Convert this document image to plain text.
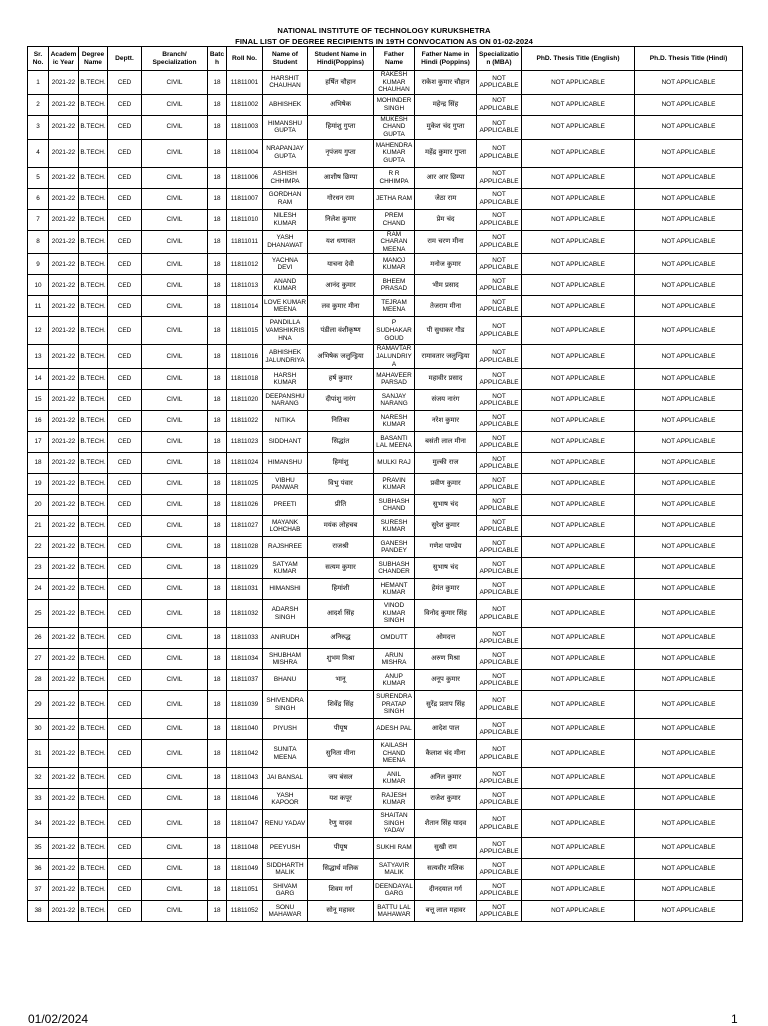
NATIONAL INSTITUTE OF TECHNOLOGY KURUKSHETRA
FINAL LIST OF DEGREE RECIPIENTS IN 19TH CONVOCATION AS ON 01-02-2024
Sr. No.	Academic Year	Degree Name	Deptt.	Branch/ Specialization	Batch	Roll No.	Name of Student	Student Name in Hindi(Poppins)	Father Name	Father Name in Hindi (Poppins)	Specialization (MBA)	PhD. Thesis Title (English)	Ph.D. Thesis Title (Hindi)
1	2021-22	B.TECH.	CED	CIVIL	18	11811001	HARSHIT CHAUHAN	हर्षित चौहान	RAKESH KUMAR CHAUHAN	राकेश कुमार चौहान	NOT APPLICABLE	NOT APPLICABLE	NOT APPLICABLE
2	2021-22	B.TECH.	CED	CIVIL	18	11811002	ABHISHEK	अभिषेक	MOHINDER SINGH	महेन्द्र सिंह	NOT APPLICABLE	NOT APPLICABLE	NOT APPLICABLE
3	2021-22	B.TECH.	CED	CIVIL	18	11811003	HIMANSHU GUPTA	हिमांशु गुप्ता	MUKESH CHAND GUPTA	मुकेश चंद गुप्ता	NOT APPLICABLE	NOT APPLICABLE	NOT APPLICABLE
4	2021-22	B.TECH.	CED	CIVIL	18	11811004	NRAPANJAY GUPTA	नृपंजय गुप्ता	MAHENDRA KUMAR GUPTA	महेंद्र कुमार गुप्ता	NOT APPLICABLE	NOT APPLICABLE	NOT APPLICABLE
5	2021-22	B.TECH.	CED	CIVIL	18	11811006	ASHISH CHHIMPA	आशीष छिम्पा	R R CHHIMPA	आर आर छिम्पा	NOT APPLICABLE	NOT APPLICABLE	NOT APPLICABLE
6	2021-22	B.TECH.	CED	CIVIL	18	11811007	GORDHAN RAM	गोरधन राम	JETHA RAM	जेठा राम	NOT APPLICABLE	NOT APPLICABLE	NOT APPLICABLE
7	2021-22	B.TECH.	CED	CIVIL	18	11811010	NILESH KUMAR	निलेश कुमार	PREM CHAND	प्रेम चंद	NOT APPLICABLE	NOT APPLICABLE	NOT APPLICABLE
8	2021-22	B.TECH.	CED	CIVIL	18	11811011	YASH DHANAWAT	यश धणावत	RAM CHARAN MEENA	राम चरण मीना	NOT APPLICABLE	NOT APPLICABLE	NOT APPLICABLE
9	2021-22	B.TECH.	CED	CIVIL	18	11811012	YACHNA DEVI	याचना देवी	MANOJ KUMAR	मनोज कुमार	NOT APPLICABLE	NOT APPLICABLE	NOT APPLICABLE
10	2021-22	B.TECH.	CED	CIVIL	18	11811013	ANAND KUMAR	आनंद कुमार	BHEEM PRASAD	भीम प्रसाद	NOT APPLICABLE	NOT APPLICABLE	NOT APPLICABLE
11	2021-22	B.TECH.	CED	CIVIL	18	11811014	LOVE KUMAR MEENA	लव कुमार मीना	TEJRAM MEENA	तेजराम मीना	NOT APPLICABLE	NOT APPLICABLE	NOT APPLICABLE
12	2021-22	B.TECH.	CED	CIVIL	18	11811015	PANDILLA VAMSHIKRISHNA	पंडीला वंशीकृष्ण	P SUDHAKAR GOUD	पी सुधाकर गौड	NOT APPLICABLE	NOT APPLICABLE	NOT APPLICABLE
13	2021-22	B.TECH.	CED	CIVIL	18	11811016	ABHISHEK JALUNDRIYA	अभिषेक जलुन्ड्रिया	RAMAVTAR JALUNDRIYA	रामावतार जलुन्ड्रिया	NOT APPLICABLE	NOT APPLICABLE	NOT APPLICABLE
14	2021-22	B.TECH.	CED	CIVIL	18	11811018	HARSH KUMAR	हर्ष कुमार	MAHAVEER PARSAD	महावीर प्रसाद	NOT APPLICABLE	NOT APPLICABLE	NOT APPLICABLE
15	2021-22	B.TECH.	CED	CIVIL	18	11811020	DEEPANSHU NARANG	दीपांशु नारंग	SANJAY NARANG	संजय नारंग	NOT APPLICABLE	NOT APPLICABLE	NOT APPLICABLE
16	2021-22	B.TECH.	CED	CIVIL	18	11811022	NITIKA	नितिका	NARESH KUMAR	नरेश कुमार	NOT APPLICABLE	NOT APPLICABLE	NOT APPLICABLE
17	2021-22	B.TECH.	CED	CIVIL	18	11811023	SIDDHANT	सिद्धांत	BASANTI LAL MEENA	बसंती लाल मीना	NOT APPLICABLE	NOT APPLICABLE	NOT APPLICABLE
18	2021-22	B.TECH.	CED	CIVIL	18	11811024	HIMANSHU	हिमांशु	MULKI RAJ	मुल्की राज	NOT APPLICABLE	NOT APPLICABLE	NOT APPLICABLE
19	2021-22	B.TECH.	CED	CIVIL	18	11811025	VIBHU PANWAR	विभु पंवार	PRAVIN KUMAR	प्रवीण कुमार	NOT APPLICABLE	NOT APPLICABLE	NOT APPLICABLE
20	2021-22	B.TECH.	CED	CIVIL	18	11811026	PREETI	प्रीति	SUBHASH CHAND	सुभाष चंद	NOT APPLICABLE	NOT APPLICABLE	NOT APPLICABLE
21	2021-22	B.TECH.	CED	CIVIL	18	11811027	MAYANK LOHCHAB	मयंक लोहचब	SURESH KUMAR	सुरेश कुमार	NOT APPLICABLE	NOT APPLICABLE	NOT APPLICABLE
22	2021-22	B.TECH.	CED	CIVIL	18	11811028	RAJSHREE	राजश्री	GANESH PANDEY	गणेश पाण्डेय	NOT APPLICABLE	NOT APPLICABLE	NOT APPLICABLE
23	2021-22	B.TECH.	CED	CIVIL	18	11811029	SATYAM KUMAR	सत्यम कुमार	SUBHASH CHANDER	सुभाष चंद	NOT APPLICABLE	NOT APPLICABLE	NOT APPLICABLE
24	2021-22	B.TECH.	CED	CIVIL	18	11811031	HIMANSHI	हिमांशी	HEMANT KUMAR	हेमंत कुमार	NOT APPLICABLE	NOT APPLICABLE	NOT APPLICABLE
25	2021-22	B.TECH.	CED	CIVIL	18	11811032	ADARSH SINGH	आदर्श सिंह	VINOD KUMAR SINGH	विनोद कुमार सिंह	NOT APPLICABLE	NOT APPLICABLE	NOT APPLICABLE
26	2021-22	B.TECH.	CED	CIVIL	18	11811033	ANIRUDH	अनिरुद्ध	OMDUTT	ओमदत्त	NOT APPLICABLE	NOT APPLICABLE	NOT APPLICABLE
27	2021-22	B.TECH.	CED	CIVIL	18	11811034	SHUBHAM MISHRA	शुभम मिश्रा	ARUN MISHRA	अरुण मिश्रा	NOT APPLICABLE	NOT APPLICABLE	NOT APPLICABLE
28	2021-22	B.TECH.	CED	CIVIL	18	11811037	BHANU	भानू	ANUP KUMAR	अनूप कुमार	NOT APPLICABLE	NOT APPLICABLE	NOT APPLICABLE
29	2021-22	B.TECH.	CED	CIVIL	18	11811039	SHIVENDRA SINGH	शिवेंद्र सिंह	SURENDRA PRATAP SINGH	सुरेंद्र प्रताप सिंह	NOT APPLICABLE	NOT APPLICABLE	NOT APPLICABLE
30	2021-22	B.TECH.	CED	CIVIL	18	11811040	PIYUSH	पीयूष	ADESH PAL	आदेश पाल	NOT APPLICABLE	NOT APPLICABLE	NOT APPLICABLE
31	2021-22	B.TECH.	CED	CIVIL	18	11811042	SUNITA MEENA	सुनिता मीना	KAILASH CHAND MEENA	कैलाश चंद मीना	NOT APPLICABLE	NOT APPLICABLE	NOT APPLICABLE
32	2021-22	B.TECH.	CED	CIVIL	18	11811043	JAI BANSAL	जय बंसल	ANIL KUMAR	अनिल कुमार	NOT APPLICABLE	NOT APPLICABLE	NOT APPLICABLE
33	2021-22	B.TECH.	CED	CIVIL	18	11811046	YASH KAPOOR	यश कपूर	RAJESH KUMAR	राजेश कुमार	NOT APPLICABLE	NOT APPLICABLE	NOT APPLICABLE
34	2021-22	B.TECH.	CED	CIVIL	18	11811047	RENU YADAV	रेणु यादव	SHAITAN SINGH YADAV	शैतान सिंह यादव	NOT APPLICABLE	NOT APPLICABLE	NOT APPLICABLE
35	2021-22	B.TECH.	CED	CIVIL	18	11811048	PEEYUSH	पीयूष	SUKHI RAM	सुखी राम	NOT APPLICABLE	NOT APPLICABLE	NOT APPLICABLE
36	2021-22	B.TECH.	CED	CIVIL	18	11811049	SIDDHARTH MALIK	सिद्धार्थ मलिक	SATYAVIR MALIK	सत्यवीर मलिक	NOT APPLICABLE	NOT APPLICABLE	NOT APPLICABLE
37	2021-22	B.TECH.	CED	CIVIL	18	11811051	SHIVAM GARG	शिवम गर्ग	DEENDAYAL GARG	दीनदयाल गर्ग	NOT APPLICABLE	NOT APPLICABLE	NOT APPLICABLE
38	2021-22	B.TECH.	CED	CIVIL	18	11811052	SONU MAHAWAR	सोनू महावर	BATTU LAL MAHAWAR	बत्तू लाल महावर	NOT APPLICABLE	NOT APPLICABLE	NOT APPLICABLE
01/02/2024	1
